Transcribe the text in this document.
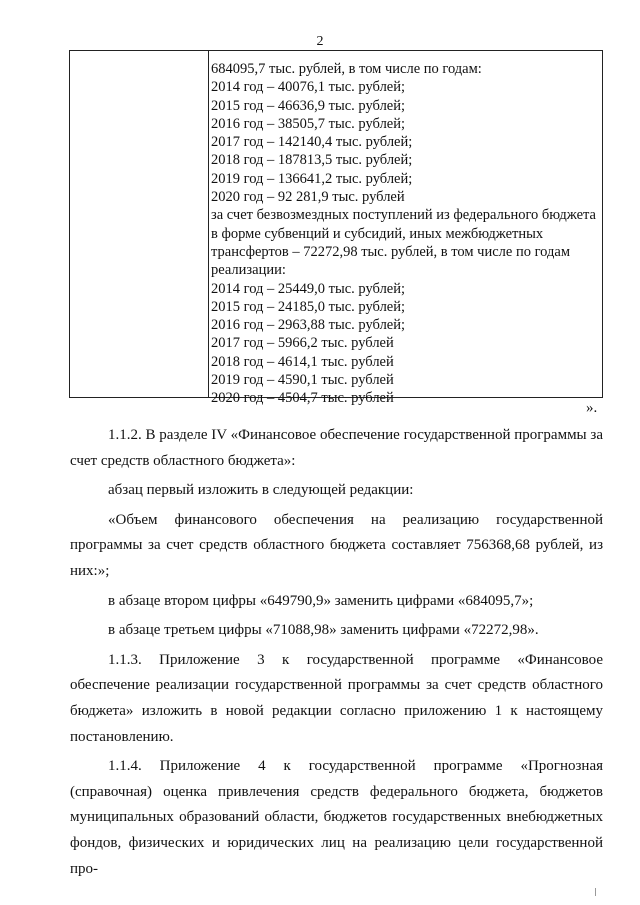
2
684095,7 тыс. рублей, в том числе по годам:
2014 год – 40076,1 тыс. рублей;
2015 год – 46636,9 тыс. рублей;
2016 год – 38505,7 тыс. рублей;
2017 год – 142140,4 тыс. рублей;
2018 год – 187813,5 тыс. рублей;
2019 год – 136641,2 тыс. рублей;
2020 год – 92 281,9 тыс. рублей
за счет безвозмездных поступлений из федерального бюджета в форме субвенций и субсидий, иных межбюджетных трансфертов – 72272,98 тыс. рублей, в том числе по годам реализации:
2014 год – 25449,0 тыс. рублей;
2015 год – 24185,0 тыс. рублей;
2016 год – 2963,88 тыс. рублей;
2017 год – 5966,2 тыс. рублей
2018 год – 4614,1 тыс. рублей
2019 год – 4590,1 тыс. рублей
2020 год – 4504,7 тыс. рублей
».

1.1.2. В разделе IV «Финансовое обеспечение государственной программы за счет средств областного бюджета»:

абзац первый изложить в следующей редакции:

«Объем финансового обеспечения на реализацию государственной программы за счет средств областного бюджета составляет 756368,68 рублей, из них:»;

в абзаце втором цифры «649790,9» заменить цифрами «684095,7»;

в абзаце третьем цифры «71088,98» заменить цифрами «72272,98».

1.1.3. Приложение 3 к государственной программе «Финансовое обеспечение реализации государственной программы за счет средств областного бюджета» изложить в новой редакции согласно приложению 1 к настоящему постановлению.

1.1.4. Приложение 4 к государственной программе «Прогнозная (справочная) оценка привлечения средств федерального бюджета, бюджетов муниципальных образований области, бюджетов государственных внебюджетных фондов, физических и юридических лиц на реализацию цели государственной про-
